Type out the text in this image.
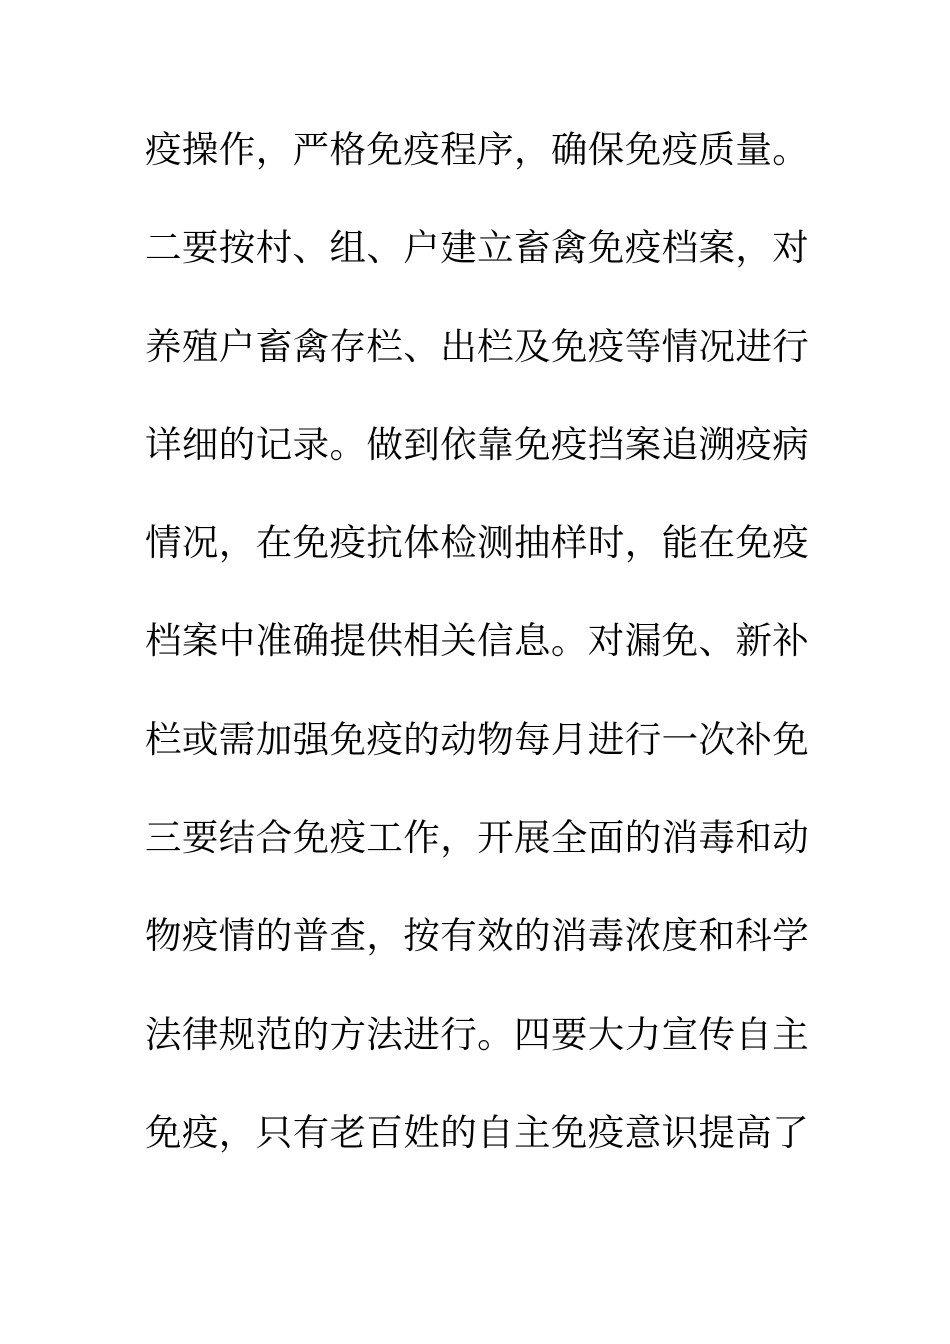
疫操作，严格免疫程序，确保免疫质量。
二要按村、组、户建立畜禽免疫档案，对
养殖户畜禽存栏、出栏及免疫等情况进行
详细的记录。做到依靠免疫挡案追溯疫病
情况，在免疫抗体检测抽样时，能在免疫
档案中准确提供相关信息。对漏免、新补
栏或需加强免疫的动物每月进行一次补免
三要结合免疫工作，开展全面的消毒和动
物疫情的普查，按有效的消毒浓度和科学
法律规范的方法进行。四要大力宣传自主
免疫，只有老百姓的自主免疫意识提高了
